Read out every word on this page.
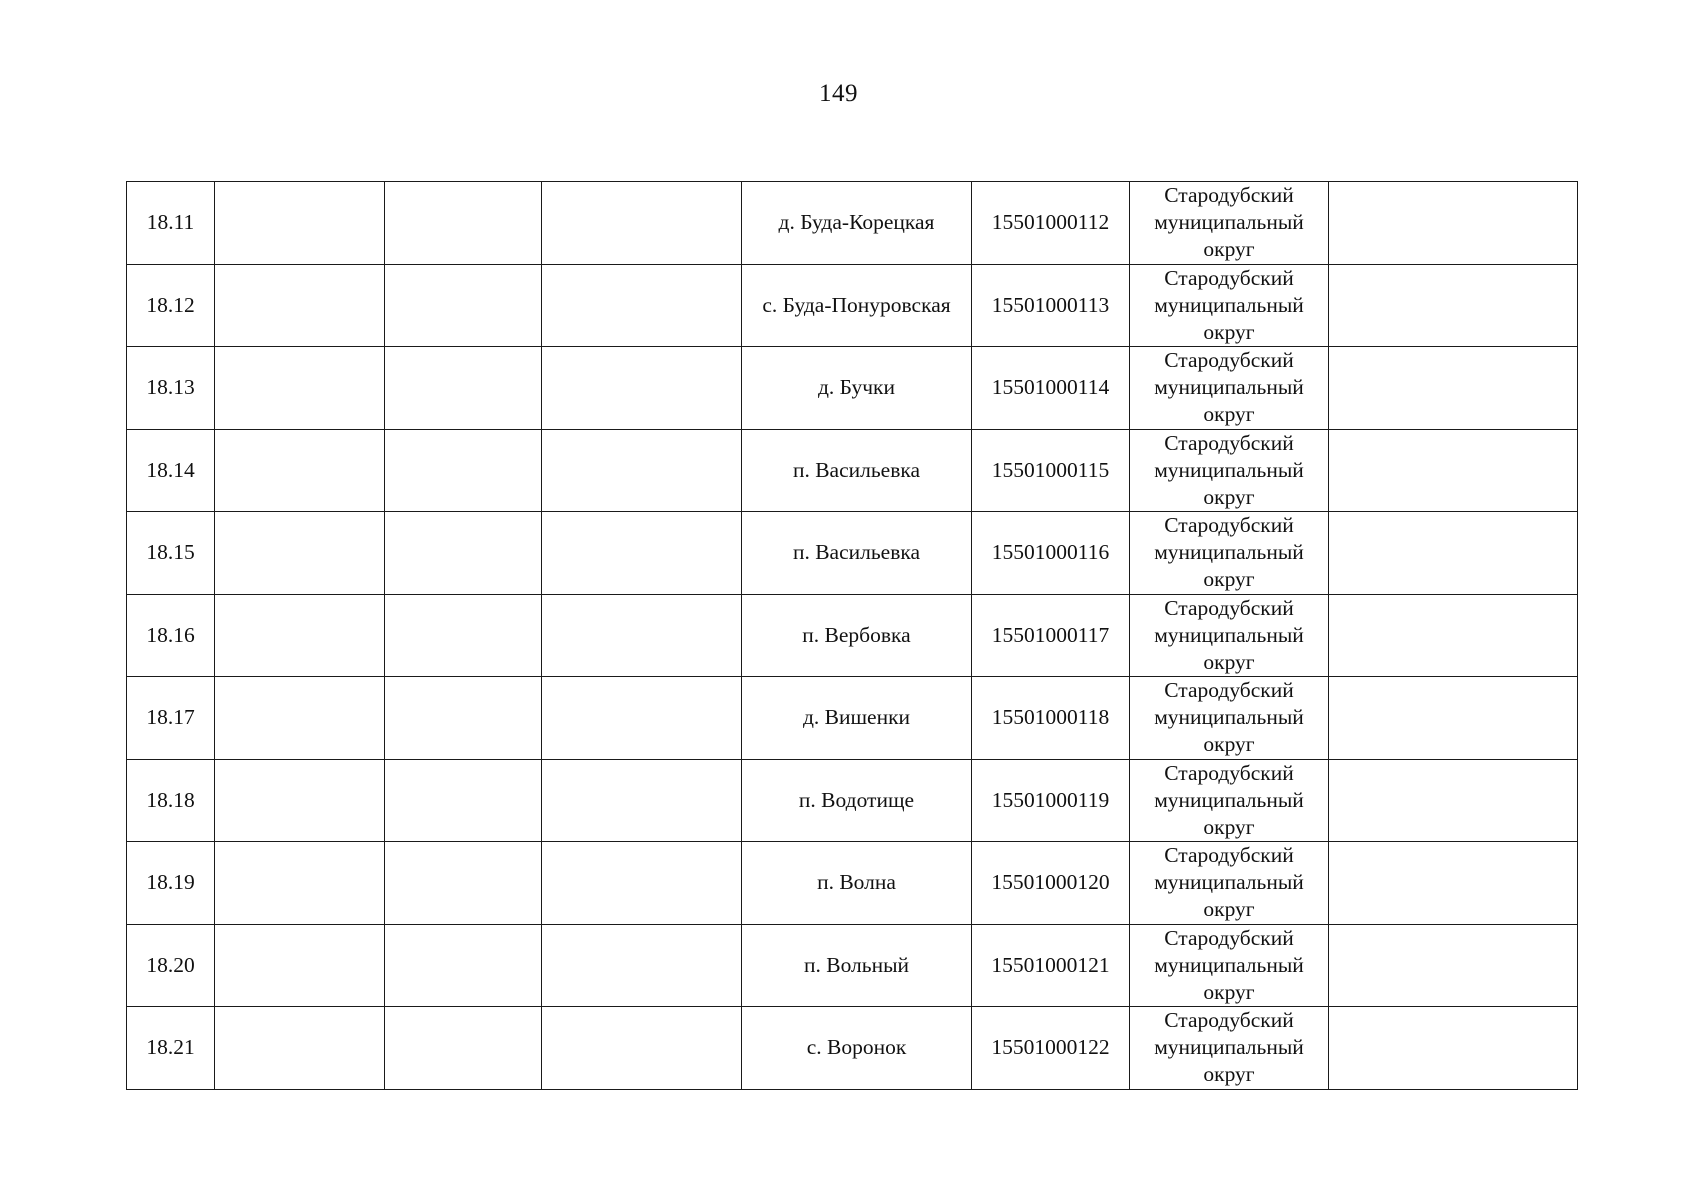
149
18.11				д. Буда-Корецкая	15501000112	Стародубский
муниципальный
округ	

18.12				с. Буда-Понуровская	15501000113	Стародубский
муниципальный
округ	

18.13				д. Бучки	15501000114	Стародубский
муниципальный
округ	

18.14				п. Васильевка	15501000115	Стародубский
муниципальный
округ	

18.15				п. Васильевка	15501000116	Стародубский
муниципальный
округ	

18.16				п. Вербовка	15501000117	Стародубский
муниципальный
округ	

18.17				д. Вишенки	15501000118	Стародубский
муниципальный
округ	

18.18				п. Водотище	15501000119	Стародубский
муниципальный
округ	

18.19				п. Волна	15501000120	Стародубский
муниципальный
округ	

18.20				п. Вольный	15501000121	Стародубский
муниципальный
округ	

18.21				с. Воронок	15501000122	Стародубский
муниципальный
округ	
